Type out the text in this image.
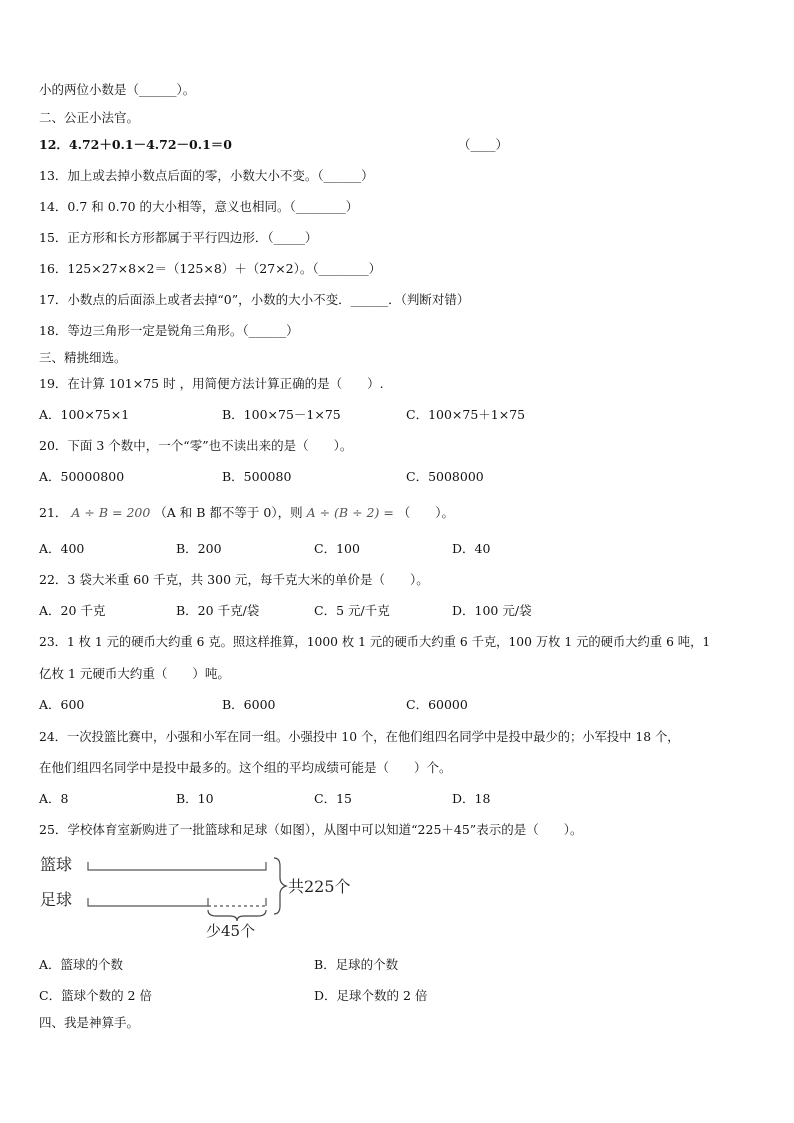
小的两位小数是（______）。
二、公正小法官。
12．4.72＋0.1－4.72－0.1＝0	（____）
13．加上或去掉小数点后面的零，小数大小不变。（______）
14．0.7 和 0.70 的大小相等，意义也相同。（________）
15．正方形和长方形都属于平行四边形．（_____）
16．125×27×8×2＝（125×8）＋（27×2）。（________）
17．小数点的后面添上或者去掉“0”，小数的大小不变．______．（判断对错）
18．等边三角形一定是锐角三角形。（______）
三、精挑细选。
19．在计算 101×75 时 ，用简便方法计算正确的是（　　）.
A．100×75×1	B．100×75－1×75	C．100×75＋1×75
20．下面 3 个数中，一个“零”也不读出来的是（　　）。
A．50000800	B．500080	C．5008000
21． A ÷ B = 200 （A 和 B 都不等于 0），则 A ÷ (B ÷ 2) = （　　）。
A．400	B．200	C．100	D．40
22．3 袋大米重 60 千克，共 300 元，每千克大米的单价是（　　）。
A．20 千克	B．20 千克/袋	C．5 元/千克	D．100 元/袋
23．1 枚 1 元的硬币大约重 6 克。照这样推算，1000 枚 1 元的硬币大约重 6 千克，100 万枚 1 元的硬币大约重 6 吨，1
亿枚 1 元硬币大约重（　　）吨。
A．600	B．6000	C．60000
24．一次投篮比赛中，小强和小军在同一组。小强投中 10 个，在他们组四名同学中是投中最少的；小军投中 18 个，
在他们组四名同学中是投中最多的。这个组的平均成绩可能是（　　）个。
A．8	B．10	C．15	D．18
25．学校体育室新购进了一批篮球和足球（如图），从图中可以知道“225＋45”表示的是（　　）。
篮球
足球
共225个
少45个
A．篮球的个数	B．足球的个数
C．篮球个数的 2 倍	D．足球个数的 2 倍
四、我是神算手。
